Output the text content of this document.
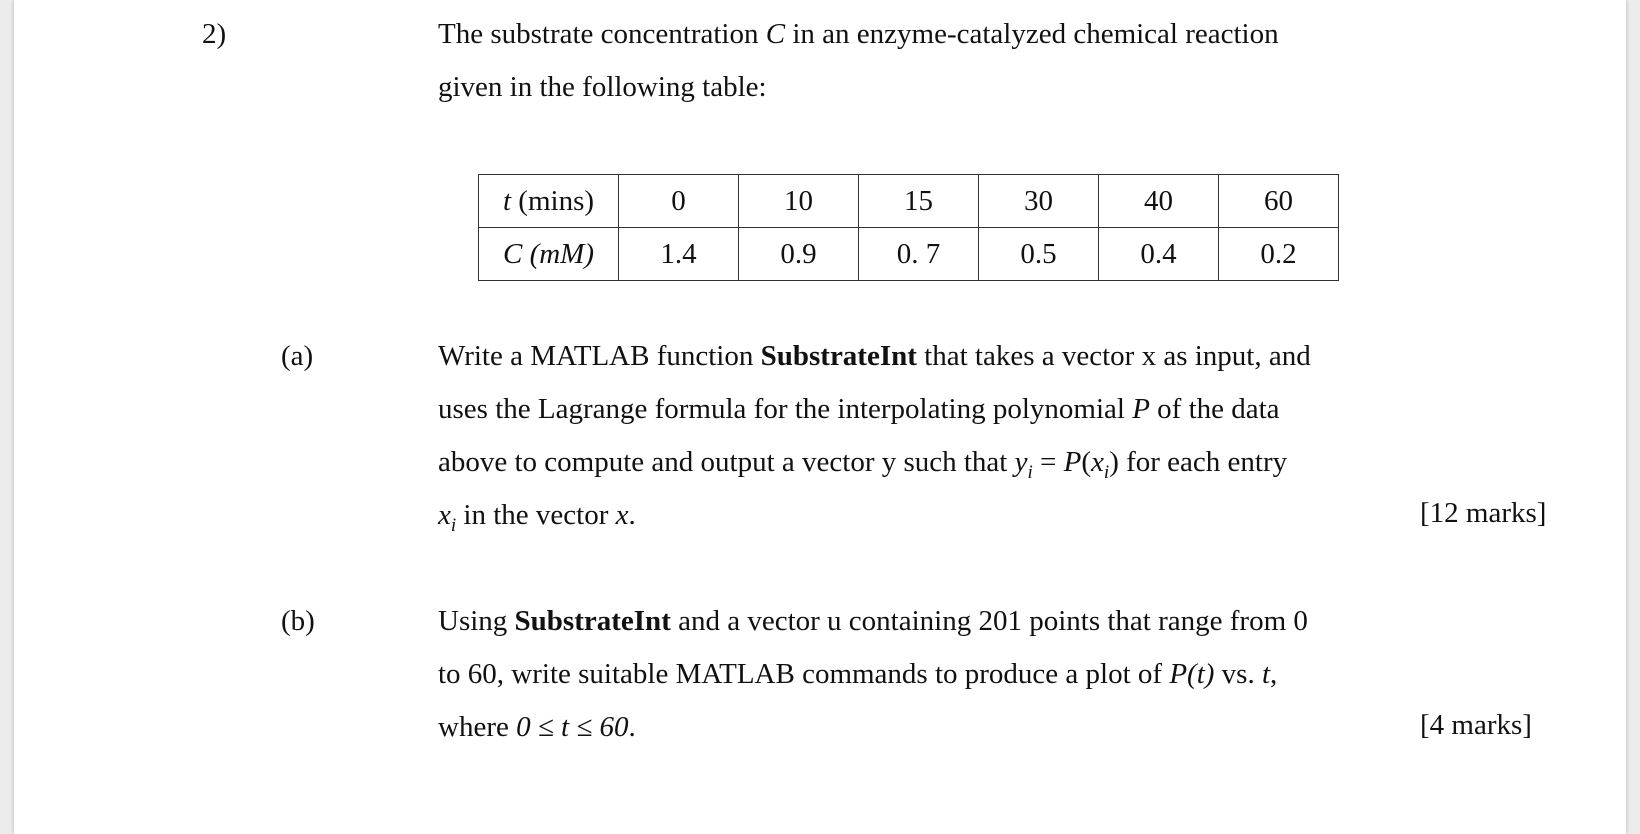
2)	The substrate concentration C in an enzyme-catalyzed chemical reaction
given in the following table:
t (mins)	0	10	15	30	40	60
C (mM)	1.4	0.9	0. 7	0.5	0.4	0.2
(a)	Write a MATLAB function SubstrateInt that takes a vector x as input, and
uses the Lagrange formula for the interpolating polynomial P of the data
above to compute and output a vector y such that $y_i = P(x_i)$ for each entry
$x_i$ in the vector x.	[12 marks]
(b)	Using SubstrateInt and a vector u containing 201 points that range from 0
to 60, write suitable MATLAB commands to produce a plot of P(t) vs. t,
where 0 ≤ t ≤ 60.	[4 marks]
